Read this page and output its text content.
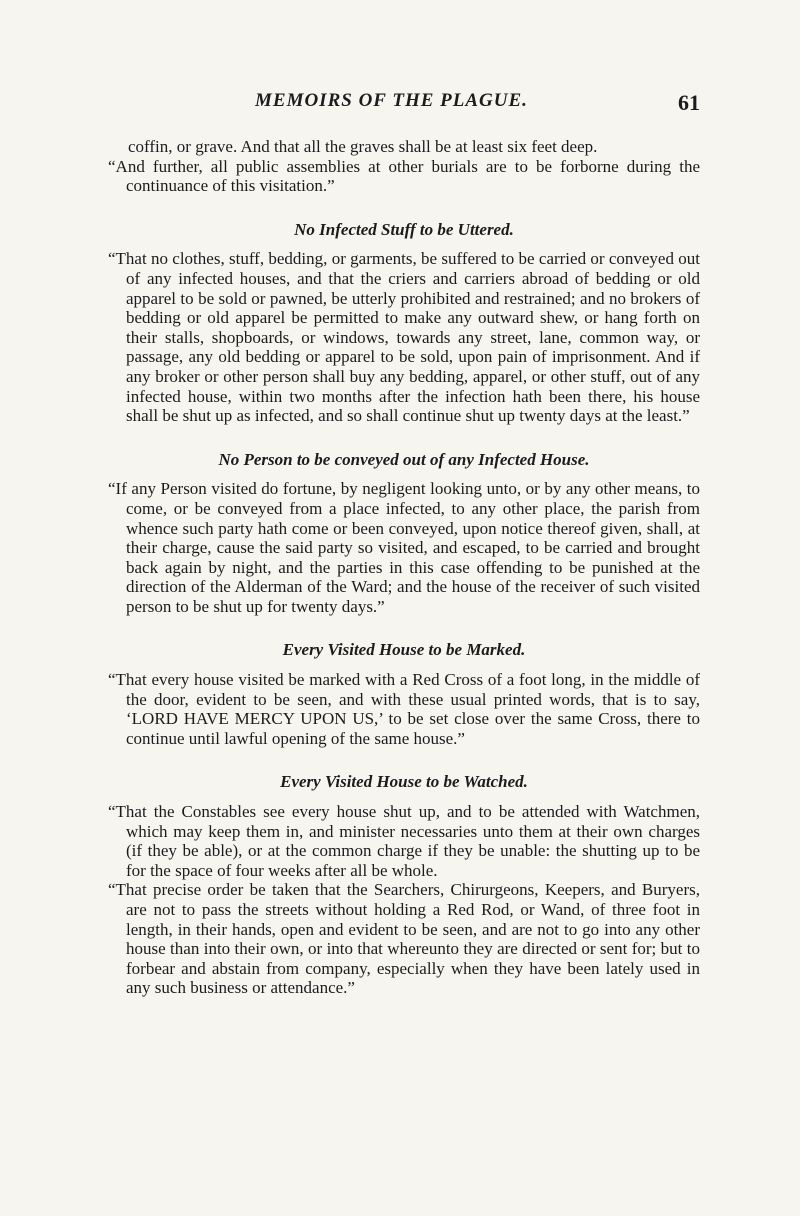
MEMOIRS OF THE PLAGUE.	61

coffin, or grave. And that all the graves shall be at least six feet deep.

“And further, all public assemblies at other burials are to be forborne during the continuance of this visitation.”

No Infected Stuff to be Uttered.

“That no clothes, stuff, bedding, or garments, be suffered to be carried or conveyed out of any infected houses, and that the criers and carriers abroad of bedding or old apparel to be sold or pawned, be utterly prohibited and restrained; and no brokers of bedding or old apparel be permitted to make any outward shew, or hang forth on their stalls, shopboards, or windows, towards any street, lane, common way, or passage, any old bedding or apparel to be sold, upon pain of imprisonment. And if any broker or other person shall buy any bedding, apparel, or other stuff, out of any infected house, within two months after the infection hath been there, his house shall be shut up as infected, and so shall continue shut up twenty days at the least.”

No Person to be conveyed out of any Infected House.

“If any Person visited do fortune, by negligent looking unto, or by any other means, to come, or be conveyed from a place infected, to any other place, the parish from whence such party hath come or been conveyed, upon notice thereof given, shall, at their charge, cause the said party so visited, and escaped, to be carried and brought back again by night, and the parties in this case offending to be punished at the direction of the Alderman of the Ward; and the house of the receiver of such visited person to be shut up for twenty days.”

Every Visited House to be Marked.

“That every house visited be marked with a Red Cross of a foot long, in the middle of the door, evident to be seen, and with these usual printed words, that is to say, ‘LORD HAVE MERCY UPON US,’ to be set close over the same Cross, there to continue until lawful opening of the same house.”

Every Visited House to be Watched.

“That the Constables see every house shut up, and to be attended with Watchmen, which may keep them in, and minister necessaries unto them at their own charges (if they be able), or at the common charge if they be unable: the shutting up to be for the space of four weeks after all be whole.

“That precise order be taken that the Searchers, Chirurgeons, Keepers, and Buryers, are not to pass the streets without holding a Red Rod, or Wand, of three foot in length, in their hands, open and evident to be seen, and are not to go into any other house than into their own, or into that whereunto they are directed or sent for; but to forbear and abstain from company, especially when they have been lately used in any such business or attendance.”
